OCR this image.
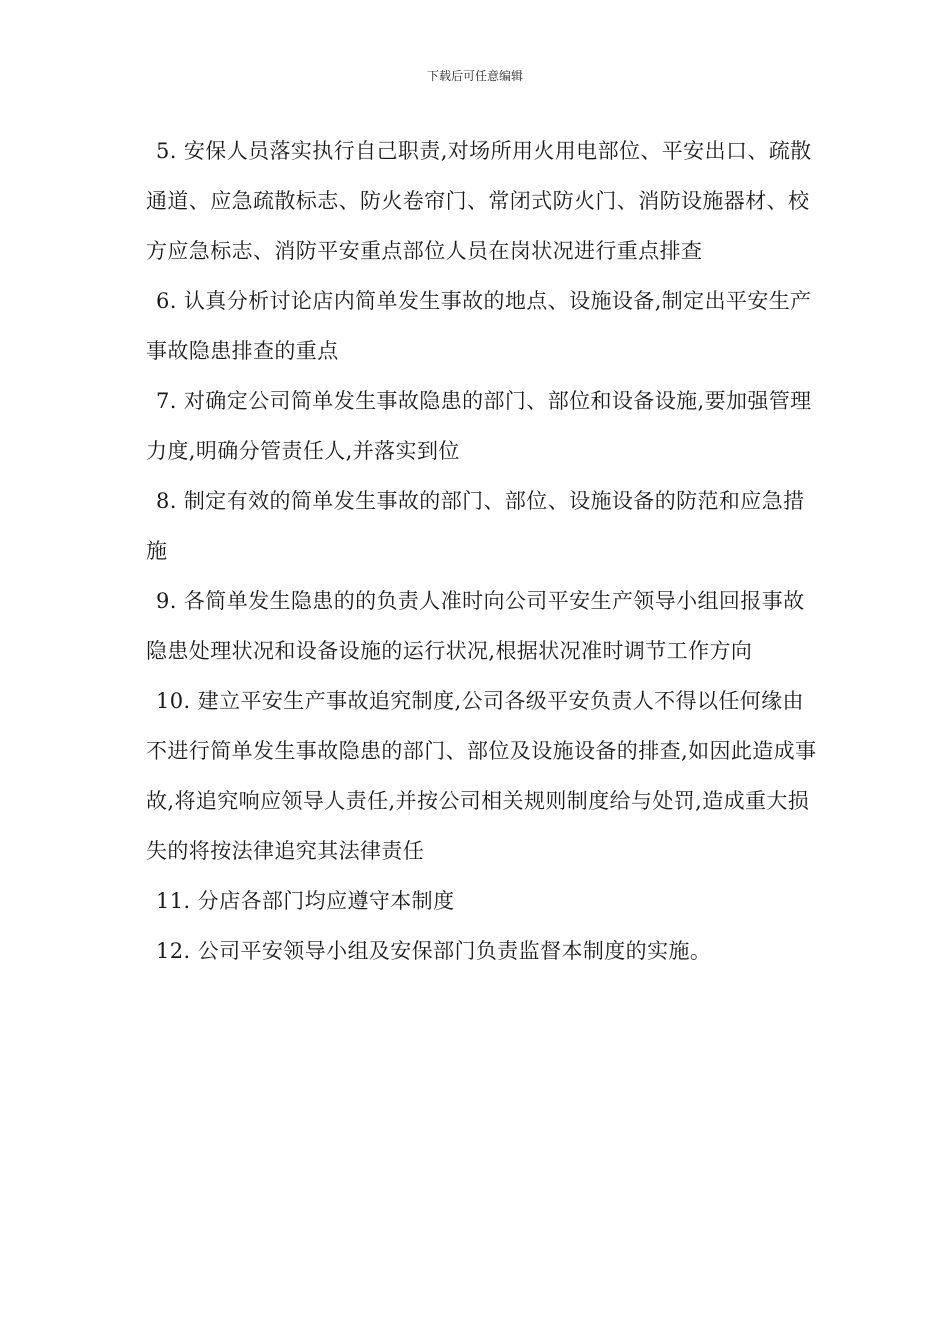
下载后可任意编辑

5. 安保人员落实执行自己职责,对场所用火用电部位、平安出口、疏散通道、应急疏散标志、防火卷帘门、常闭式防火门、消防设施器材、校方应急标志、消防平安重点部位人员在岗状况进行重点排查

6. 认真分析讨论店内简单发生事故的地点、设施设备,制定出平安生产事故隐患排查的重点

7. 对确定公司简单发生事故隐患的部门、部位和设备设施,要加强管理力度,明确分管责任人,并落实到位

8. 制定有效的简单发生事故的部门、部位、设施设备的防范和应急措施

9. 各简单发生隐患的的负责人准时向公司平安生产领导小组回报事故隐患处理状况和设备设施的运行状况,根据状况准时调节工作方向

10. 建立平安生产事故追究制度,公司各级平安负责人不得以任何缘由不进行简单发生事故隐患的部门、部位及设施设备的排查,如因此造成事故,将追究响应领导人责任,并按公司相关规则制度给与处罚,造成重大损失的将按法律追究其法律责任

11. 分店各部门均应遵守本制度

12. 公司平安领导小组及安保部门负责监督本制度的实施。
